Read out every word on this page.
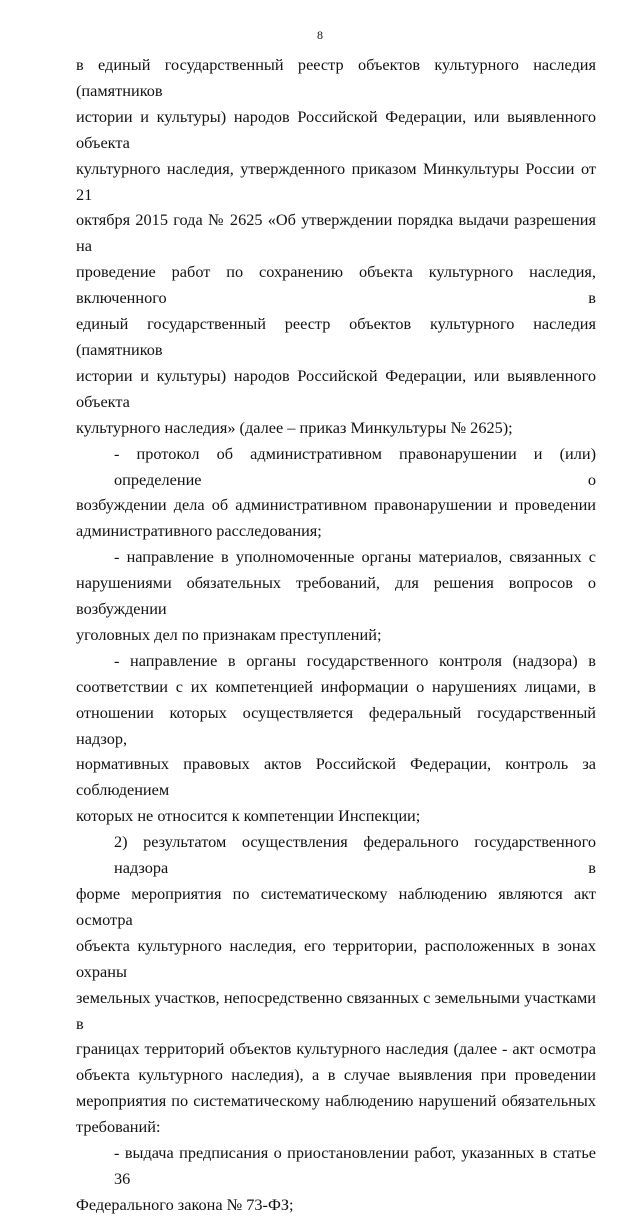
8

в единый государственный реестр объектов культурного наследия (памятников
истории и культуры) народов Российской Федерации, или выявленного объекта
культурного наследия, утвержденного приказом Минкультуры России от 21
октября 2015 года № 2625 «Об утверждении порядка выдачи разрешения на
проведение работ по сохранению объекта культурного наследия, включенного в
единый государственный реестр объектов культурного наследия (памятников
истории и культуры) народов Российской Федерации, или выявленного объекта
культурного наследия» (далее – приказ Минкультуры № 2625);

- протокол об административном правонарушении и (или) определение о
возбуждении дела об административном правонарушении и проведении
административного расследования;

- направление в уполномоченные органы материалов, связанных с
нарушениями обязательных требований, для решения вопросов о возбуждении
уголовных дел по признакам преступлений;

- направление в органы государственного контроля (надзора) в
соответствии с их компетенцией информации о нарушениях лицами, в
отношении которых осуществляется федеральный государственный надзор,
нормативных правовых актов Российской Федерации, контроль за соблюдением
которых не относится к компетенции Инспекции;

2) результатом осуществления федерального государственного надзора в
форме мероприятия по систематическому наблюдению являются акт осмотра
объекта культурного наследия, его территории, расположенных в зонах охраны
земельных участков, непосредственно связанных с земельными участками в
границах территорий объектов культурного наследия (далее - акт осмотра
объекта культурного наследия), а в случае выявления при проведении
мероприятия по систематическому наблюдению нарушений обязательных
требований:

- выдача предписания о приостановлении работ, указанных в статье 36
Федерального закона № 73-ФЗ;
